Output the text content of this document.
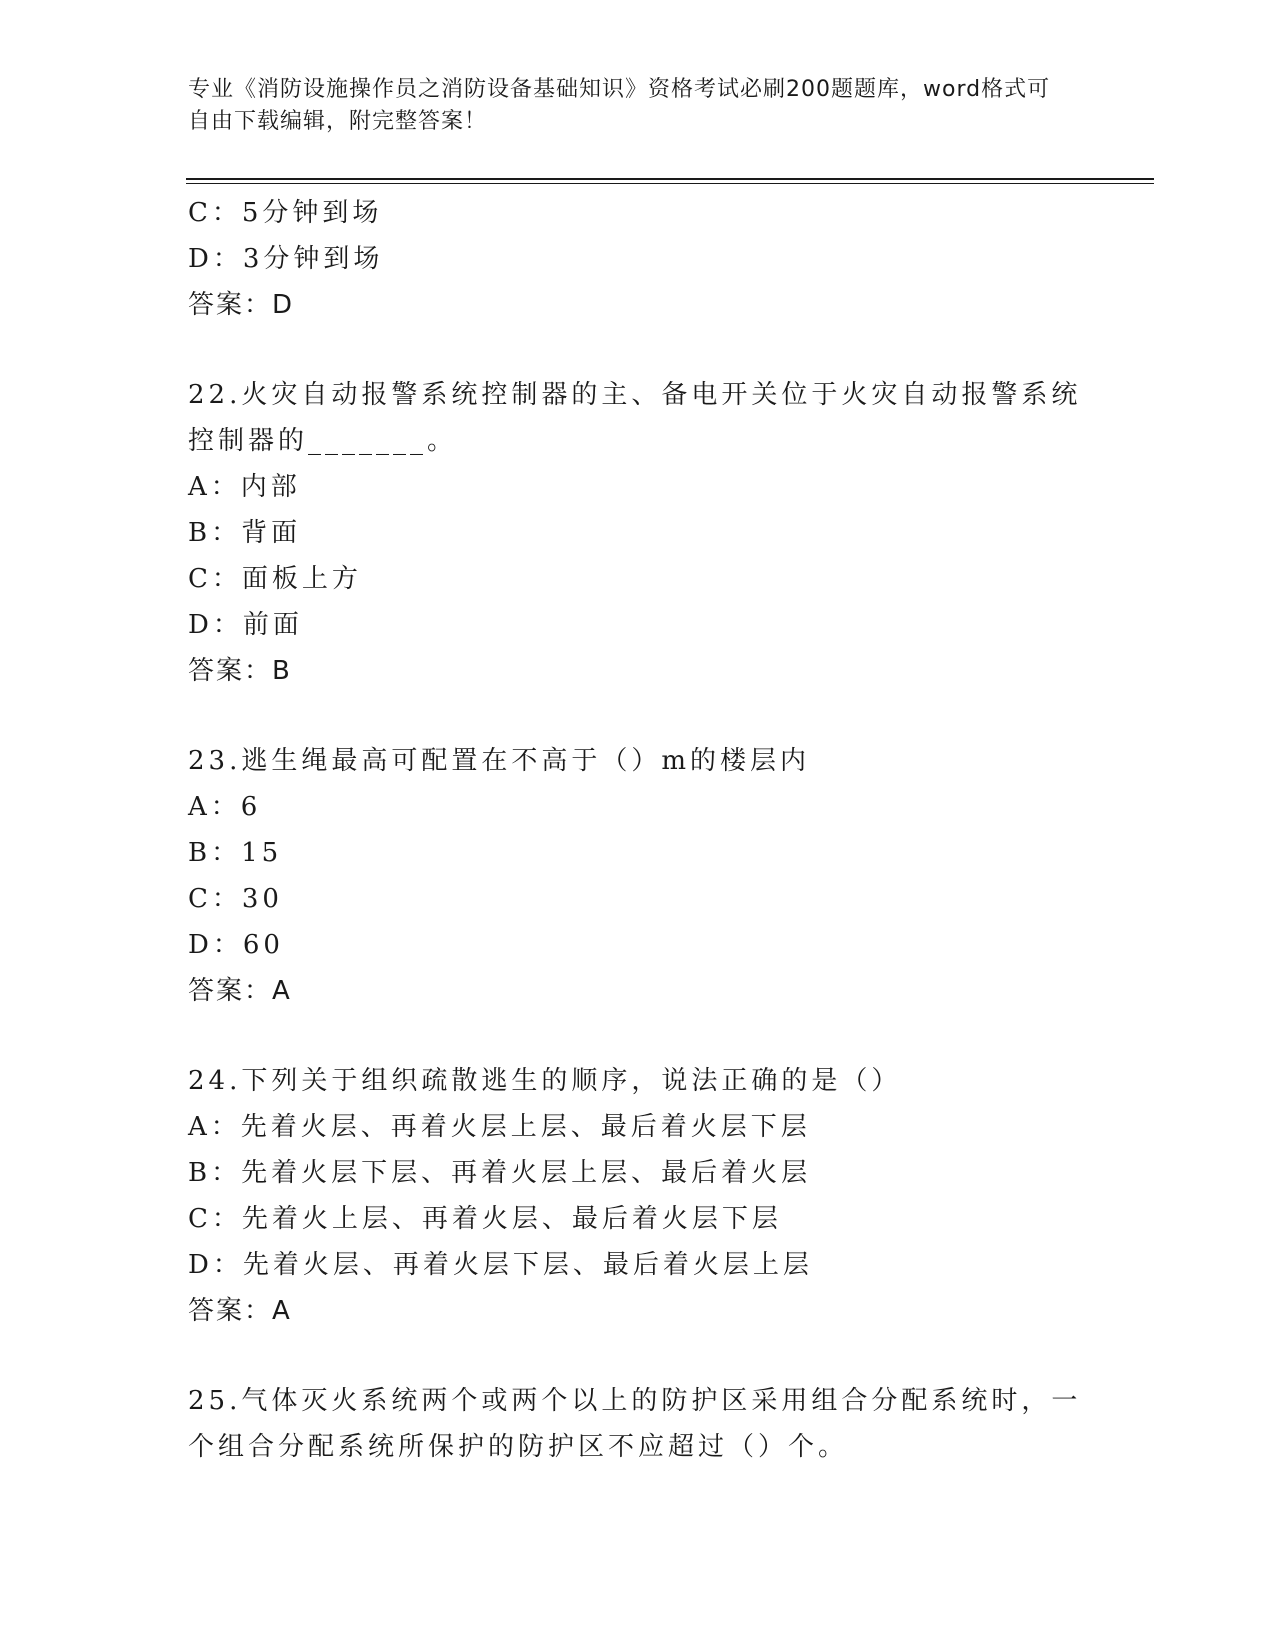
专业《消防设施操作员之消防设备基础知识》资格考试必刷200题题库，word格式可自由下载编辑，附完整答案！
C：5分钟到场
D：3分钟到场
答案：D
22.火灾自动报警系统控制器的主、备电开关位于火灾自动报警系统控制器的_______。
A：内部
B：背面
C：面板上方
D：前面
答案：B
23.逃生绳最高可配置在不高于（）m的楼层内
A：6
B：15
C：30
D：60
答案：A
24.下列关于组织疏散逃生的顺序，说法正确的是（）
A：先着火层、再着火层上层、最后着火层下层
B：先着火层下层、再着火层上层、最后着火层
C：先着火上层、再着火层、最后着火层下层
D：先着火层、再着火层下层、最后着火层上层
答案：A
25.气体灭火系统两个或两个以上的防护区采用组合分配系统时，一个组合分配系统所保护的防护区不应超过（）个。
